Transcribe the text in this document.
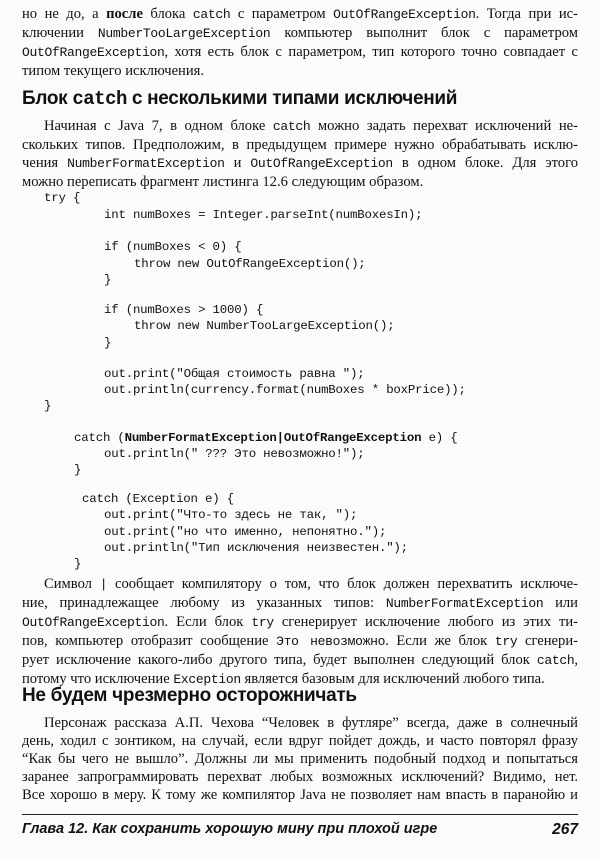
но не до, а после блока catch с параметром OutOfRangeException. Тогда при ис-

ключении NumberTooLargeException компьютер выполнит блок с параметром

OutOfRangeException, хотя есть блок с параметром, тип которого точно совпадает с

типом текущего исключения.

Блок catch с несколькими типами исключений

Начиная с Java 7, в одном блоке catch можно задать перехват исключений не-

скольких типов. Предположим, в предыдущем примере нужно обрабатывать исклю-

чения NumberFormatException и OutOfRangeException в одном блоке. Для этого

можно переписать фрагмент листинга 12.6 следующим образом.

try {
int numBoxes = Integer.parseInt(numBoxesIn);
if (numBoxes < 0) {
throw new OutOfRangeException();
}
if (numBoxes > 1000) {
throw new NumberTooLargeException();
}
out.print("Общая стоимость равна ");
out.println(currency.format(numBoxes * boxPrice));
}
catch (NumberFormatException|OutOfRangeException e) {
out.println(" ??? Это невозможно!");
}
catch (Exception e) {
out.print("Что-то здесь не так, ");
out.print("но что именно, непонятно.");
out.println("Тип исключения неизвестен.");
}

Символ | сообщает компилятору о том, что блок должен перехватить исключе-

ние, принадлежащее любому из указанных типов: NumberFormatException или

OutOfRangeException. Если блок try сгенерирует исключение любого из этих ти-

пов, компьютер отобразит сообщение Это невозможно. Если же блок try сгенери-

рует исключение какого-либо другого типа, будет выполнен следующий блок catch,

потому что исключение Exception является базовым для исключений любого типа.

Не будем чрезмерно осторожничать

Персонаж рассказа А.П. Чехова “Человек в футляре” всегда, даже в солнечный

день, ходил с зонтиком, на случай, если вдруг пойдет дождь, и часто повторял фразу

“Как бы чего не вышло”. Должны ли мы применить подобный подход и попытаться

заранее запрограммировать перехват любых возможных исключений? Видимо, нет.

Все хорошо в меру. К тому же компилятор Java не позволяет нам впасть в паранойю и

Глава 12. Как сохранить хорошую мину при плохой игре	267
